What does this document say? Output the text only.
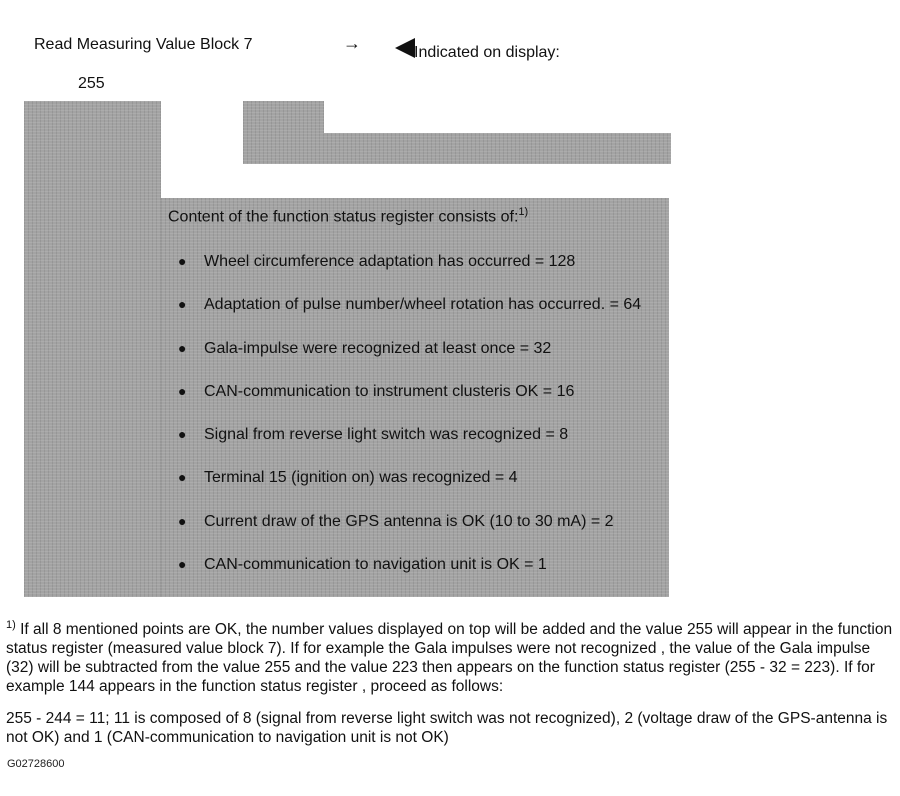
Read Measuring Value Block 7	→	Indicated on display:
255
Content of the function status register consists of:$^{1)}$
●	Wheel circumference adaptation has occurred = 128
●	Adaptation of pulse number/wheel rotation has occurred. = 64
●	Gala-impulse were recognized at least once = 32
●	CAN-communication to instrument clusteris OK = 16
●	Signal from reverse light switch was recognized = 8
●	Terminal 15 (ignition on) was recognized = 4
●	Current draw of the GPS antenna is OK (10 to 30 mA) = 2
●	CAN-communication to navigation unit is OK = 1
$^{1)}$ If all 8 mentioned points are OK, the number values displayed on top will be added and the value 255 will appear in the function status register (measured value block 7). If for example the Gala impulses were not recognized , the value of the Gala impulse (32) will be subtracted from the value 255 and the value 223 then appears on the function status register (255 - 32 = 223). If for example 144 appears in the function status register , proceed as follows:
255 - 244 = 11; 11 is composed of 8 (signal from reverse light switch was not recognized), 2 (voltage draw of the GPS-antenna is not OK) and 1 (CAN-communication to navigation unit is not OK)
G02728600
